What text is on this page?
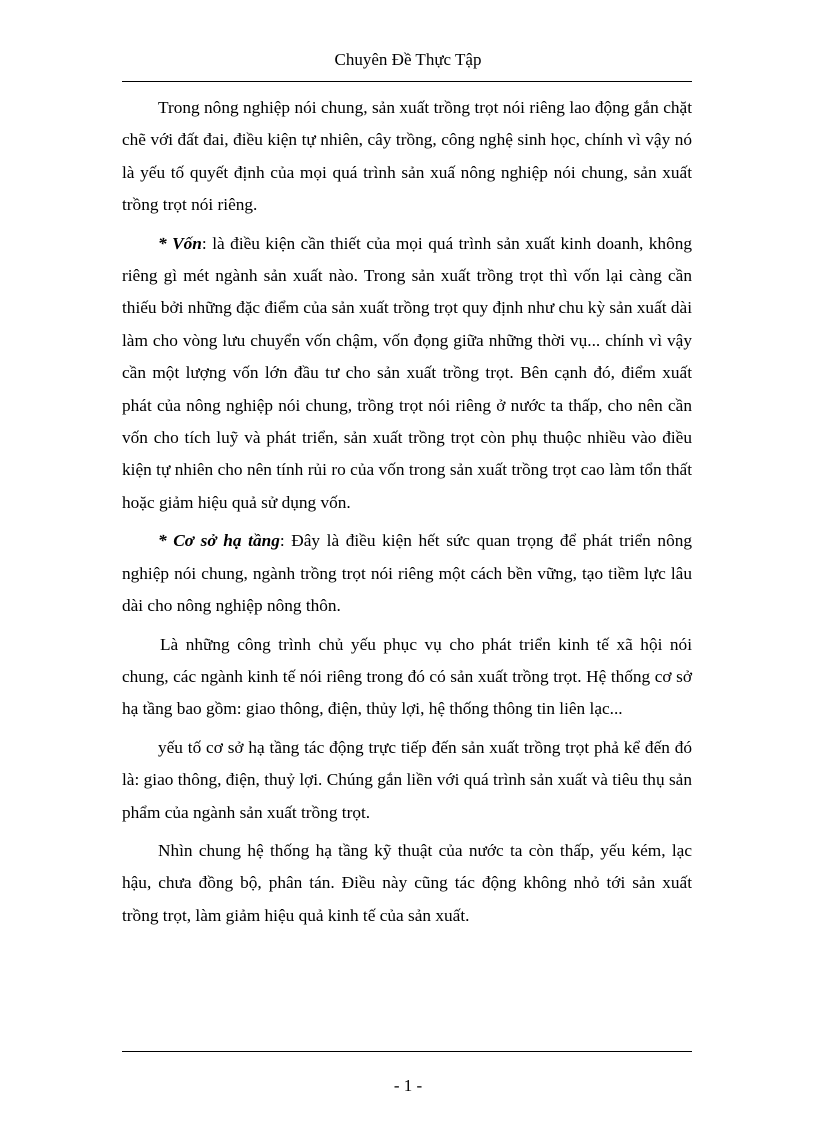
Chuyên Đề Thực Tập

Trong nông nghiệp nói chung, sản xuất trồng trọt nói riêng lao động gắn chặt chẽ với đất đai, điều kiện tự nhiên, cây trồng, công nghệ sinh học, chính vì vậy nó là yếu tố quyết định của mọi quá trình sản xuấ nông nghiệp nói chung, sản xuất trồng trọt nói riêng.

* Vốn: là điều kiện cần thiết của mọi quá trình sản xuất kinh doanh, không riêng gì mét ngành sản xuất nào. Trong sản xuất trồng trọt thì vốn lại càng cần thiếu bởi những đặc điểm của sản xuất trồng trọt quy định như chu kỳ sản xuất dài làm cho vòng lưu chuyển vốn chậm, vốn đọng giữa những thời vụ... chính vì vậy cần một lượng vốn lớn đầu tư cho sản xuất trồng trọt. Bên cạnh đó, điểm xuất phát của nông nghiệp nói chung, trồng trọt nói riêng ở nước ta thấp, cho nên cần vốn cho tích luỹ và phát triển, sản xuất trồng trọt còn phụ thuộc nhiều vào điều kiện tự nhiên cho nên tính rủi ro của vốn trong sản xuất trồng trọt cao làm tổn thất hoặc giảm hiệu quả sử dụng vốn.

* Cơ sở hạ tầng: Đây là điều kiện hết sức quan trọng để phát triển nông nghiệp nói chung, ngành trồng trọt nói riêng một cách bền vững, tạo tiềm lực lâu dài cho nông nghiệp nông thôn.

Là những công trình chủ yếu phục vụ cho phát triển kinh tế xã hội nói chung, các ngành kinh tế nói riêng trong đó có sản xuất trồng trọt. Hệ thống cơ sở hạ tầng bao gồm: giao thông, điện, thủy lợi, hệ thống thông tin liên lạc...

yếu tố cơ sở hạ tầng tác động trực tiếp đến sản xuất trồng trọt phả kể đến đó là: giao thông, điện, thuỷ lợi. Chúng gắn liền với quá trình sản xuất và tiêu thụ sản phẩm của ngành sản xuất trồng trọt.

Nhìn chung hệ thống hạ tầng kỹ thuật của nước ta còn thấp, yếu kém, lạc hậu, chưa đồng bộ, phân tán. Điều này cũng tác động không nhỏ tới sản xuất trồng trọt, làm giảm hiệu quả kinh tế của sản xuất.

- 1 -
